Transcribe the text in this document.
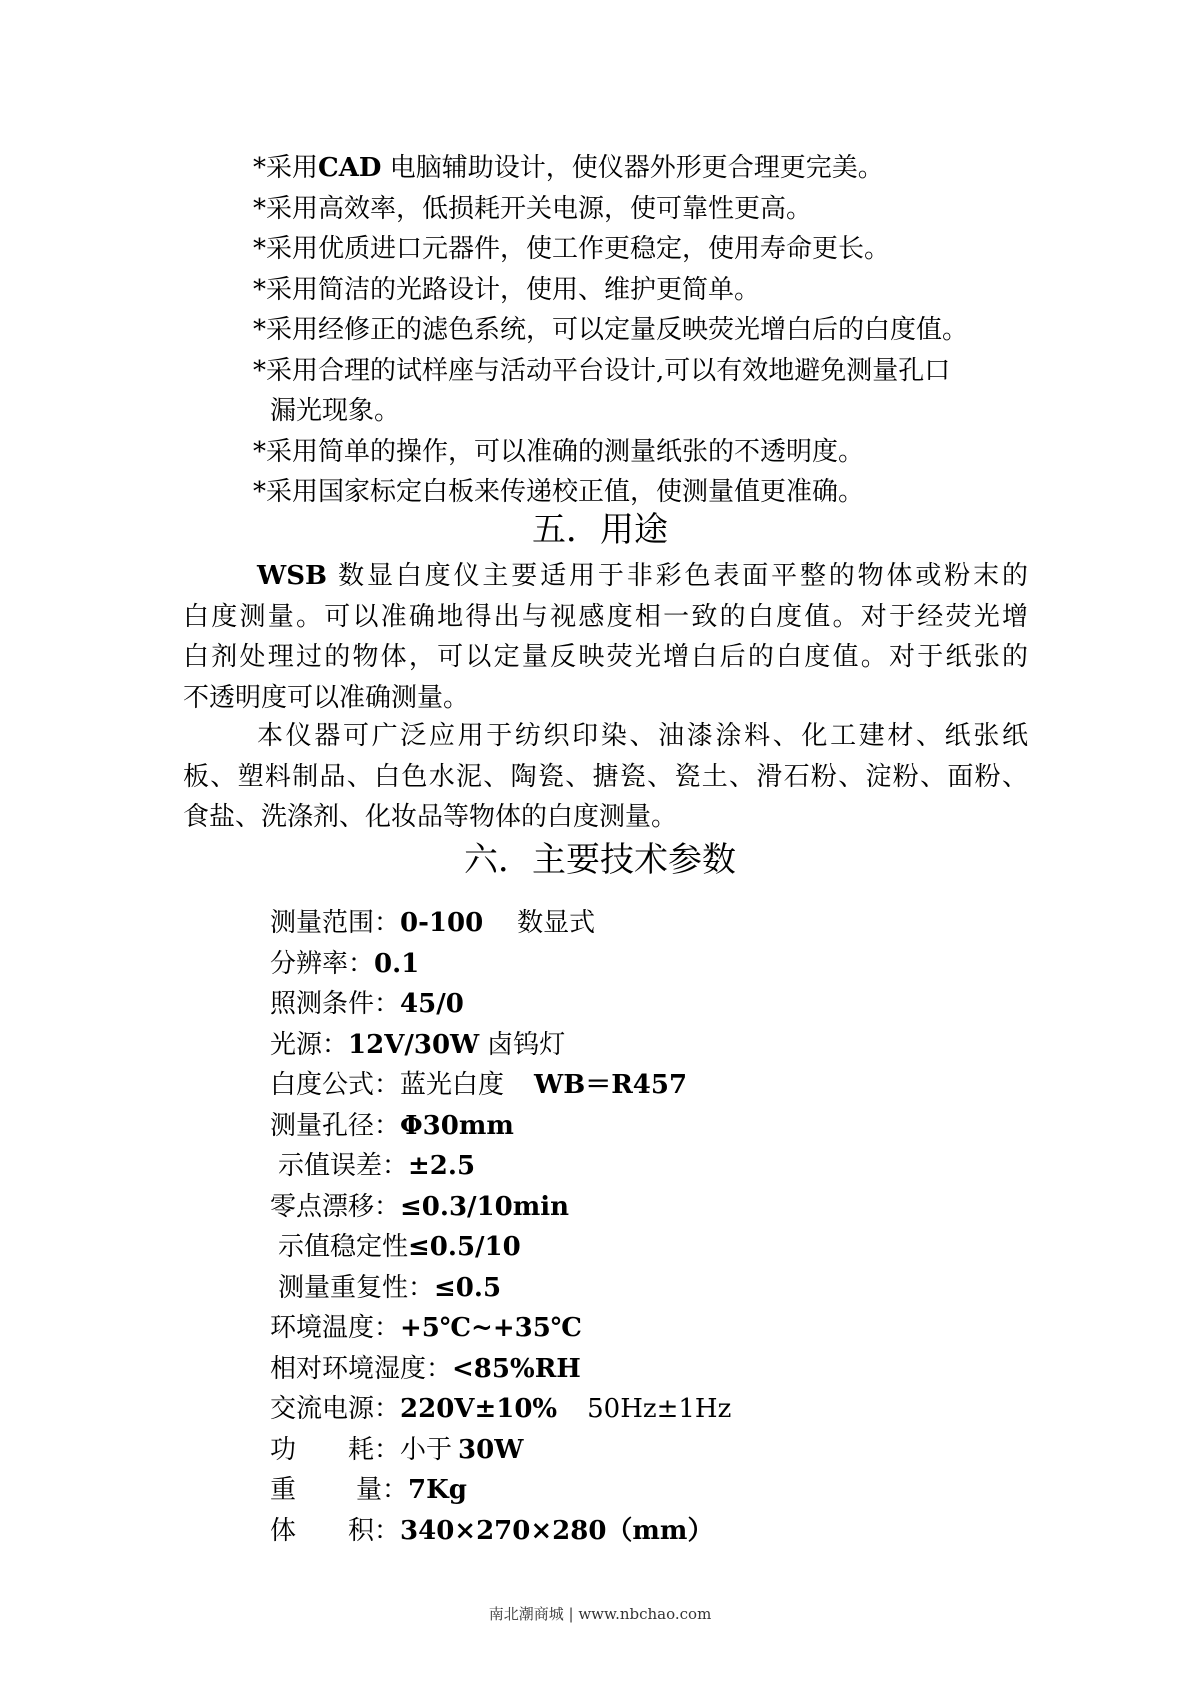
*采用CAD 电脑辅助设计，使仪器外形更合理更完美。
*采用高效率，低损耗开关电源，使可靠性更高。
*采用优质进口元器件，使工作更稳定，使用寿命更长。
*采用简洁的光路设计，使用、维护更简单。
*采用经修正的滤色系统，可以定量反映荧光增白后的白度值。
*采用合理的试样座与活动平台设计,可以有效地避免测量孔口
漏光现象。
*采用简单的操作，可以准确的测量纸张的不透明度。
*采用国家标定白板来传递校正值，使测量值更准确。
五．用途
WSB 数显白度仪主要适用于非彩色表面平整的物体或粉末的
白度测量。可以准确地得出与视感度相一致的白度值。对于经荧光增
白剂处理过的物体，可以定量反映荧光增白后的白度值。对于纸张的
不透明度可以准确测量。
本仪器可广泛应用于纺织印染、油漆涂料、化工建材、纸张纸
板、塑料制品、白色水泥、陶瓷、搪瓷、瓷土、滑石粉、淀粉、面粉、
食盐、洗涤剂、化妆品等物体的白度测量。
六．主要技术参数
测量范围：0-100 数显式
分辨率：0.1
照测条件：45/0
光源：12V/30W 卤钨灯
白度公式：蓝光白度 WB＝R457
测量孔径：Φ30mm
示值误差：±2.5
零点漂移：≤0.3/10min
示值稳定性≤0.5/10
测量重复性：≤0.5
环境温度：+5℃~+35℃
相对环境湿度：<85%RH
交流电源：220V±10% 50Hz±1Hz
功 耗：小于 30W
重 量：7Kg
体 积：340×270×280（mm）
南北潮商城 | www.nbchao.com
